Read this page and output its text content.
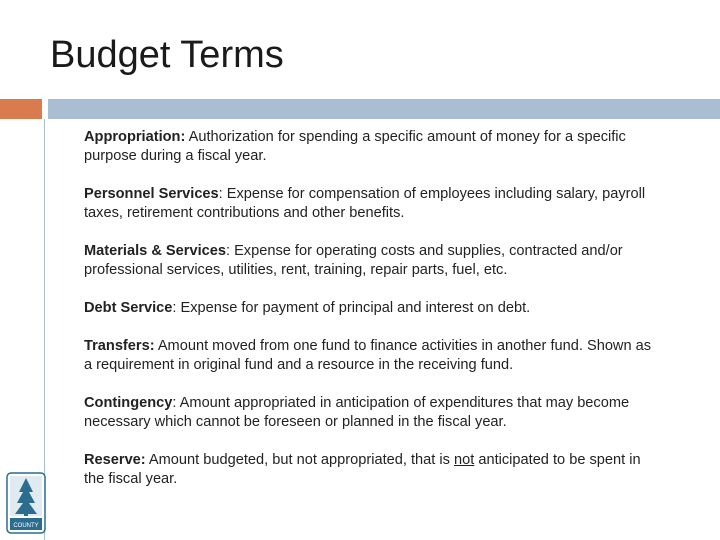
Budget Terms

Appropriation: Authorization for spending a specific amount of money for a specific purpose during a fiscal year.

Personnel Services: Expense for compensation of employees including salary, payroll taxes, retirement contributions and other benefits.

Materials & Services: Expense for operating costs and supplies, contracted and/or professional services, utilities, rent, training, repair parts, fuel, etc.

Debt Service: Expense for payment of principal and interest on debt.

Transfers: Amount moved from one fund to finance activities in another fund. Shown as a requirement in original fund and a resource in the receiving fund.

Contingency: Amount appropriated in anticipation of expenditures that may become necessary which cannot be foreseen or planned in the fiscal year.

Reserve: Amount budgeted, but not appropriated, that is not anticipated to be spent in the fiscal year.

COUNTY
